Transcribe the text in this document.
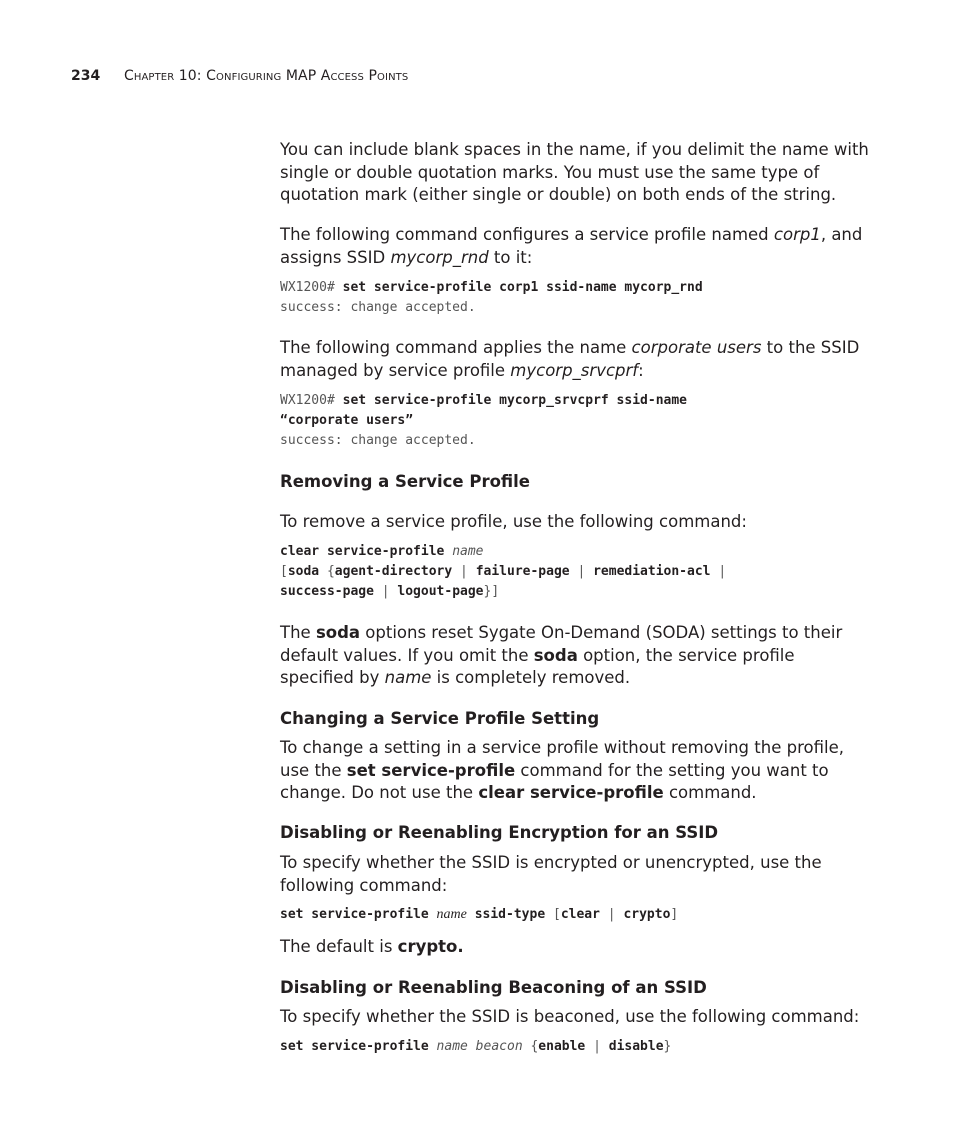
234 Chapter 10: Configuring MAP Access Points

You can include blank spaces in the name, if you delimit the name with single or double quotation marks. You must use the same type of quotation mark (either single or double) on both ends of the string.

The following command configures a service profile named corp1, and assigns SSID mycorp_rnd to it:

WX1200# set service-profile corp1 ssid-name mycorp_rnd
success: change accepted.

The following command applies the name corporate users to the SSID managed by service profile mycorp_srvcprf:

WX1200# set service-profile mycorp_srvcprf ssid-name
“corporate users”
success: change accepted.
Removing a Service Profile

To remove a service profile, use the following command:

clear service-profile name
[soda {agent-directory | failure-page | remediation-acl |
success-page | logout-page}]

The soda options reset Sygate On-Demand (SODA) settings to their default values. If you omit the soda option, the service profile specified by name is completely removed.

Changing a Service Profile Setting

To change a setting in a service profile without removing the profile, use the set service-profile command for the setting you want to change. Do not use the clear service-profile command.

Disabling or Reenabling Encryption for an SSID

To specify whether the SSID is encrypted or unencrypted, use the following command:

set service-profile name ssid-type [clear | crypto]

The default is crypto.

Disabling or Reenabling Beaconing of an SSID

To specify whether the SSID is beaconed, use the following command:

set service-profile name beacon {enable | disable}
